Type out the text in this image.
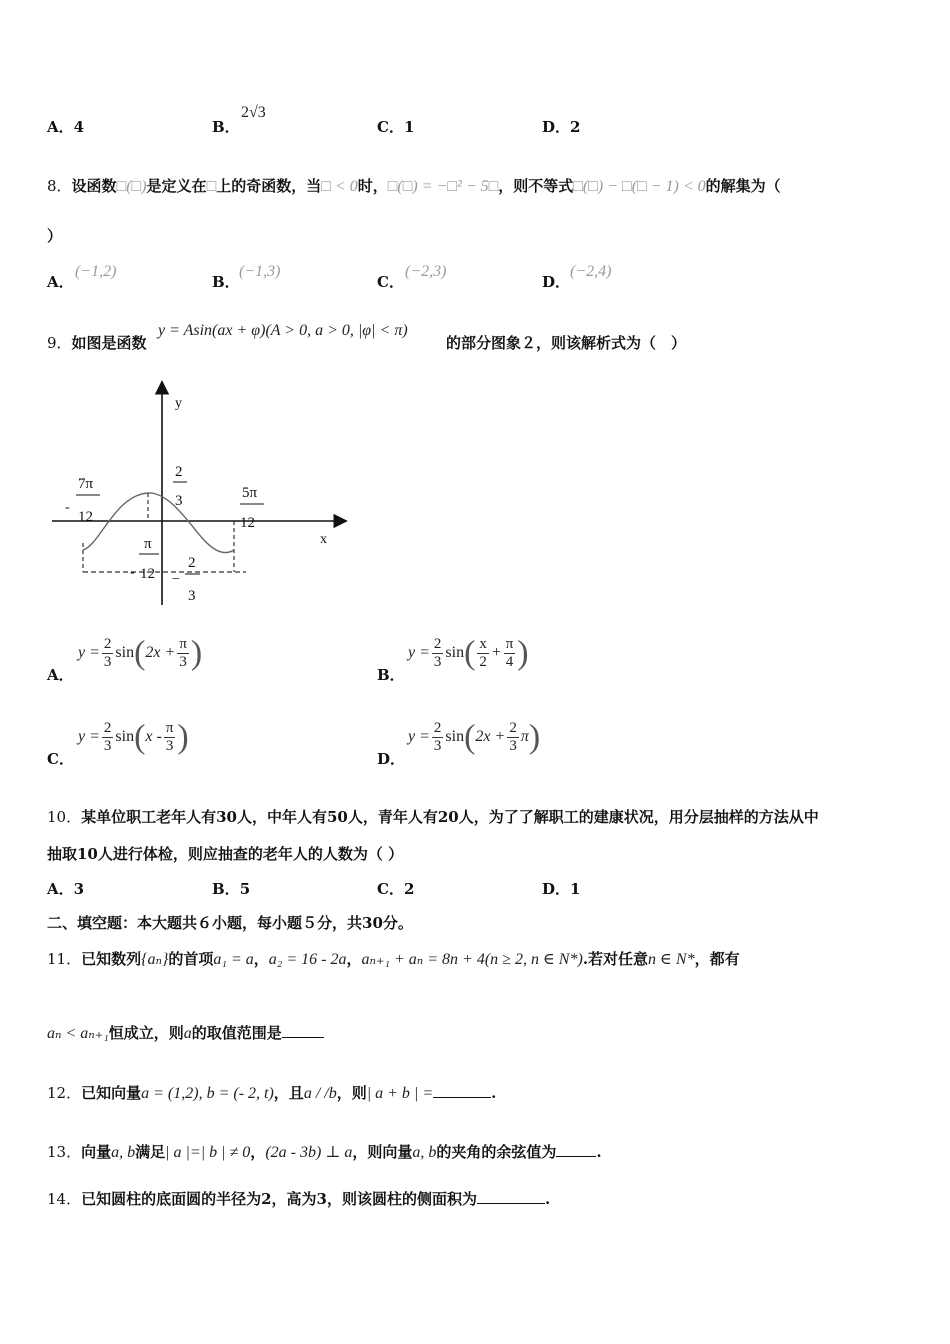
A．4	B．
2√3
C．1	D．2
8．设函数□(□)是定义在□上的奇函数，当□ < 0时，□(□) = −□² − 5□，则不等式□(□) − □(□ − 1) < 0的解集为（
）
A．
(−1,2)
B．
(−1,3)
C．
(−2,3)
D．
(−2,4)
9．如图是函数
y = Asin(ax + φ)(A > 0, a > 0, |φ| < π)
的部分图象２，则该解析式为（　）
y
x
-
7π
12
2
3	5π
12
-
π
12 −
2
3
A．
$y = \frac{2}{3} \sin(2x + \frac{\pi}{3}$ )
B．
$y = \frac{2}{3} \sin( \frac{x}{2} + \frac{\pi}{4}$ )
C．
$y = \frac{2}{3} \sin(x - \frac{\pi}{3}$ )
D．
$y = \frac{2}{3} \sin(2x + \frac{2}{3} \pi)$
10．某单位职工老年人有30人，中年人有50人，青年人有20人，为了了解职工的建康状况，用分层抽样的方法从中
抽取10人进行体检，则应抽查的老年人的人数为（ ）
A．3	B．5	C．2	D．1
二、填空题：本大题共６小题，每小题５分，共30分。
11．已知数列{aₙ}的首项a₁ = a，a₂ = 16 - 2a，aₙ₊₁ + aₙ = 8n + 4(n ≥ 2, n ∈ N*).若对任意n ∈ N*，都有
aₙ < aₙ₊₁恒成立，则a的取值范围是
12．已知向量a = (1,2), b = (- 2, t)，且a / /b，则| a + b | =	.
13．向量a, b满足| a |=| b | ≠ 0，(2a - 3b) ⊥ a，则向量a, b的夹角的余弦值为	.
14．已知圆柱的底面圆的半径为2，高为3，则该圆柱的侧面积为	.
